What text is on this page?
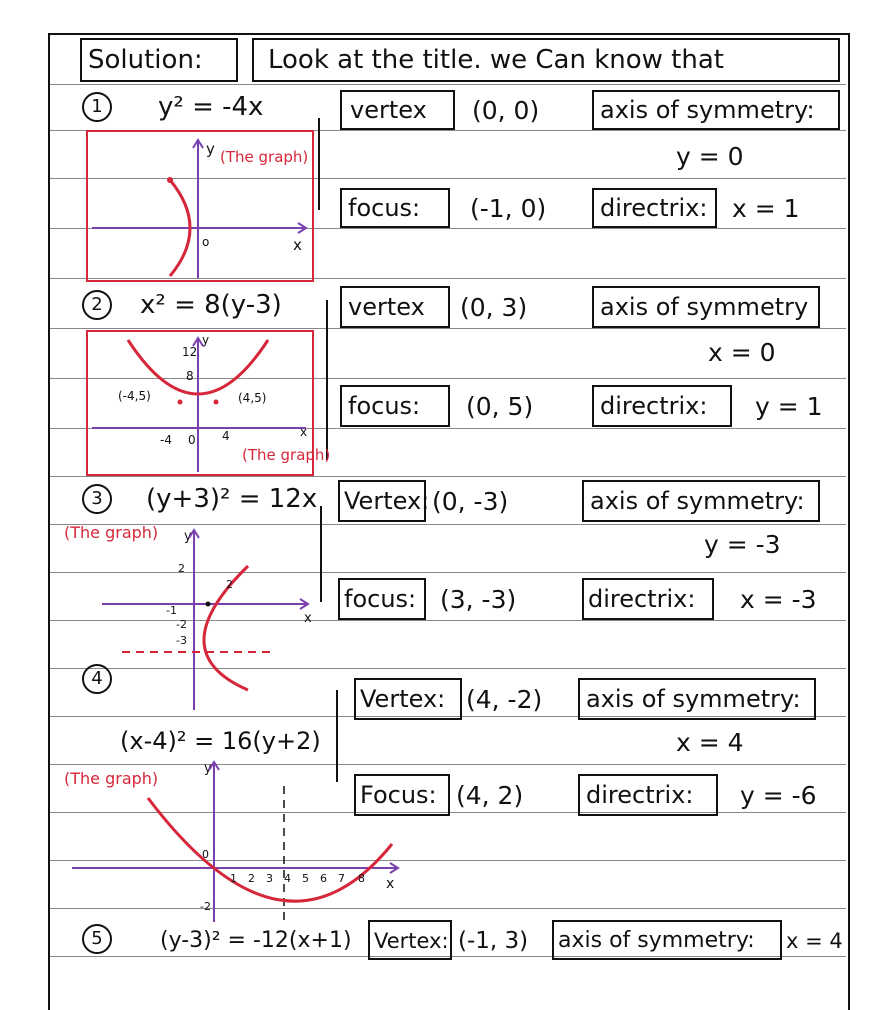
Solution:	Look at the title. we Can know that
1	y² = -4x	vertex (0, 0)	axis of symmetry:
y = 0
focus: (-1, 0) directrix: x = 1
y
x
o
(The graph)
2	x² = 8(y-3)	vertex (0, 3)	axis of symmetry
x = 0
focus: (0, 5)	directrix: y = 1
12
8
y
(-4,5)	(4,5)
-4 0 4
(The graph)
x
3	(y+3)² = 12x Vertex: (0, -3)	axis of symmetry:
y = -3
focus: (3, -3)	directrix: x = -3
(The graph) y
x
2
-1
-2
-3
2
4
(x-4)² = 16(y+2)
Vertex: (4, -2) axis of symmetry:
x = 4
Focus: (4, 2)	directrix: y = -6
(The graph)
y
x
0
-2
1 2 3 4 5 6 7 8
5	(y-3)² = -12(x+1) Vertex: (-1, 3) axis of symmetry: x = 4
